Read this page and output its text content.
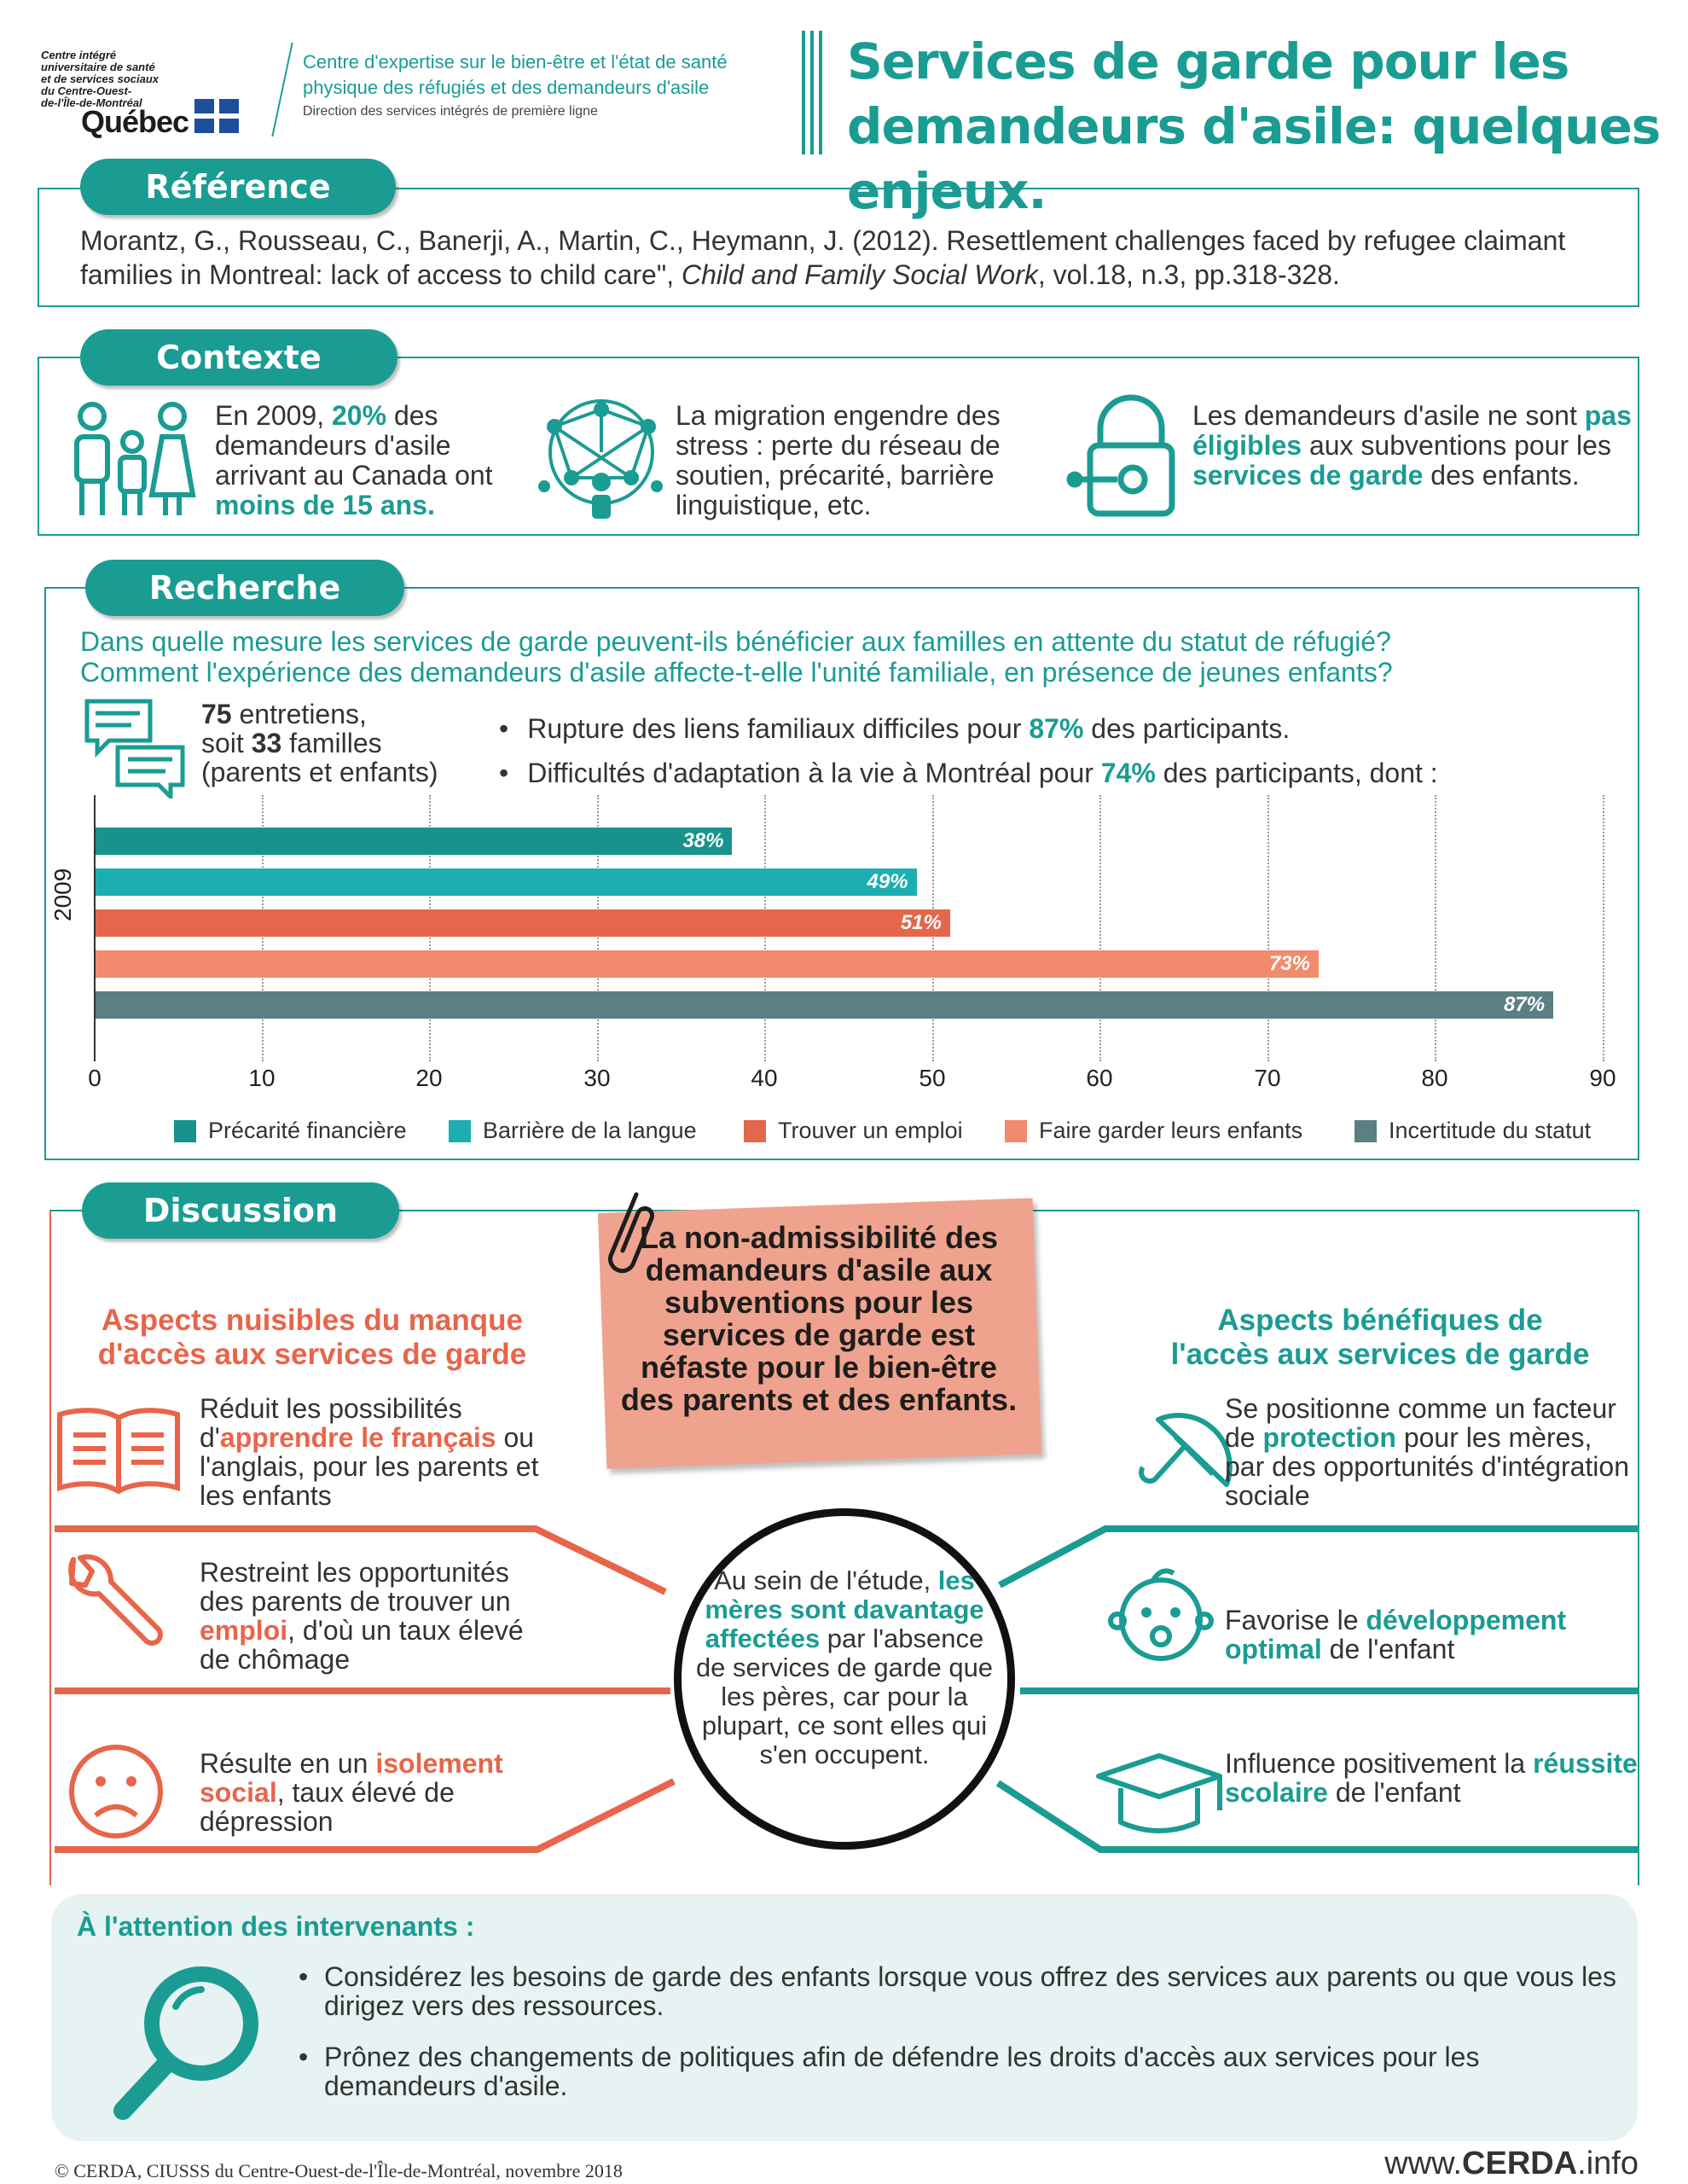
Centre intégré
universitaire de santé
et de services sociaux
du Centre-Ouest-
de-l'Île-de-Montréal
Québec
Centre d'expertise sur le bien-être et l'état de santé
physique des réfugiés et des demandeurs d'asile
Direction des services intégrés de première ligne
Services de garde pour les
demandeurs d'asile: quelques enjeux.
Référence
Morantz, G., Rousseau, C., Banerji, A., Martin, C., Heymann, J. (2012). Resettlement challenges faced by refugee claimant families in Montreal: lack of access to child care", Child and Family Social Work, vol.18, n.3, pp.318-328.
Contexte
En 2009, 20% des demandeurs d'asile arrivant au Canada ont moins de 15 ans.
La migration engendre des stress : perte du réseau de soutien, précarité, barrière linguistique, etc.
Les demandeurs d'asile ne sont pas éligibles aux subventions pour les services de garde des enfants.
Recherche
Dans quelle mesure les services de garde peuvent-ils bénéficier aux familles en attente du statut de réfugié?
Comment l'expérience des demandeurs d'asile affecte-t-elle l'unité familiale, en présence de jeunes enfants?
75 entretiens,
soit 33 familles
(parents et enfants)
• Rupture des liens familiaux difficiles pour 87% des participants.
• Difficultés d'adaptation à la vie à Montréal pour 74% des participants, dont :
2009
38%
49%
51%
73%
87%
0	10	20	30	40	50	60	70	80	90
Précarité financière	Barrière de la langue	Trouver un emploi	Faire garder leurs enfants	Incertitude du statut
Discussion
La non-admissibilité des demandeurs d'asile aux subventions pour les services de garde est néfaste pour le bien-être des parents et des enfants.
Aspects nuisibles du manque
d'accès aux services de garde
Aspects bénéfiques de
l'accès aux services de garde
Réduit les possibilités d'apprendre le français ou l'anglais, pour les parents et les enfants
Restreint les opportunités des parents de trouver un emploi, d'où un taux élevé de chômage
Résulte en un isolement social, taux élevé de dépression
Au sein de l'étude, les mères sont davantage affectées par l'absence de services de garde que les pères, car pour la plupart, ce sont elles qui s'en occupent.
Se positionne comme un facteur de protection pour les mères, par des opportunités d'intégration sociale
Favorise le développement optimal de l'enfant
Influence positivement la réussite scolaire de l'enfant
À l'attention des intervenants :
• Considérez les besoins de garde des enfants lorsque vous offrez des services aux parents ou que vous les dirigez vers des ressources.
• Prônez des changements de politiques afin de défendre les droits d'accès aux services pour les demandeurs d'asile.
© CERDA, CIUSSS du Centre-Ouest-de-l'Île-de-Montréal, novembre 2018	www.CERDA.info
